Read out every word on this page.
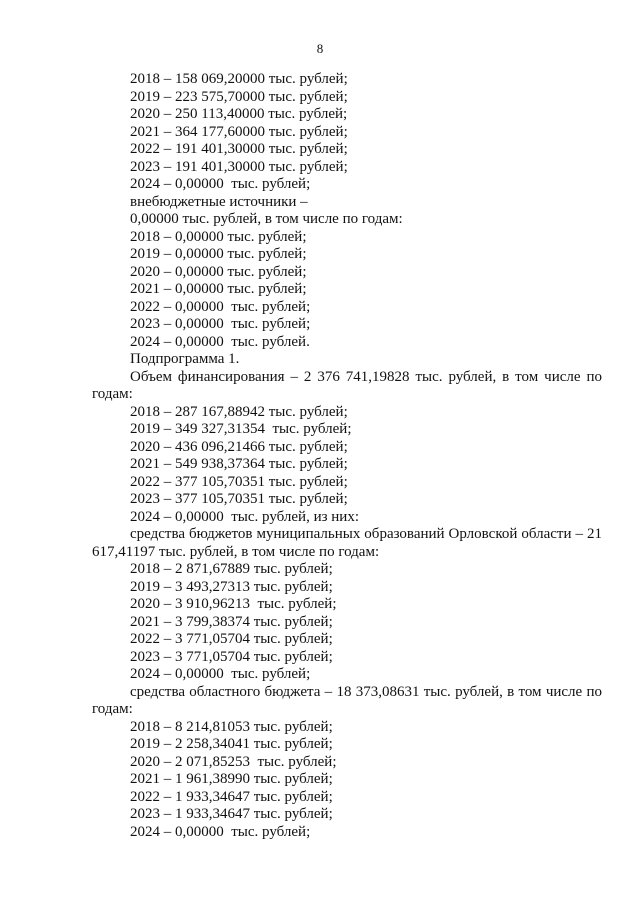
8

2018 – 158 069,20000 тыс. рублей;

2019 – 223 575,70000 тыс. рублей;

2020 – 250 113,40000 тыс. рублей;

2021 – 364 177,60000 тыс. рублей;

2022 – 191 401,30000 тыс. рублей;

2023 – 191 401,30000 тыс. рублей;

2024 – 0,00000  тыс. рублей;

внебюджетные источники –

0,00000 тыс. рублей, в том числе по годам:

2018 – 0,00000 тыс. рублей;

2019 – 0,00000 тыс. рублей;

2020 – 0,00000 тыс. рублей;

2021 – 0,00000 тыс. рублей;

2022 – 0,00000  тыс. рублей;

2023 – 0,00000  тыс. рублей;

2024 – 0,00000  тыс. рублей.

Подпрограмма 1.

Объем финансирования – 2 376 741,19828 тыс. рублей, в том числе по годам:

2018 – 287 167,88942 тыс. рублей;

2019 – 349 327,31354  тыс. рублей;

2020 – 436 096,21466 тыс. рублей;

2021 – 549 938,37364 тыс. рублей;

2022 – 377 105,70351 тыс. рублей;

2023 – 377 105,70351 тыс. рублей;

2024 – 0,00000  тыс. рублей, из них:

средства бюджетов муниципальных образований Орловской области – 21 617,41197 тыс. рублей, в том числе по годам:

2018 – 2 871,67889 тыс. рублей;

2019 – 3 493,27313 тыс. рублей;

2020 – 3 910,96213  тыс. рублей;

2021 – 3 799,38374 тыс. рублей;

2022 – 3 771,05704 тыс. рублей;

2023 – 3 771,05704 тыс. рублей;

2024 – 0,00000  тыс. рублей;

средства областного бюджета – 18 373,08631 тыс. рублей, в том числе по годам:

2018 – 8 214,81053 тыс. рублей;

2019 – 2 258,34041 тыс. рублей;

2020 – 2 071,85253  тыс. рублей;

2021 – 1 961,38990 тыс. рублей;

2022 – 1 933,34647 тыс. рублей;

2023 – 1 933,34647 тыс. рублей;

2024 – 0,00000  тыс. рублей;
